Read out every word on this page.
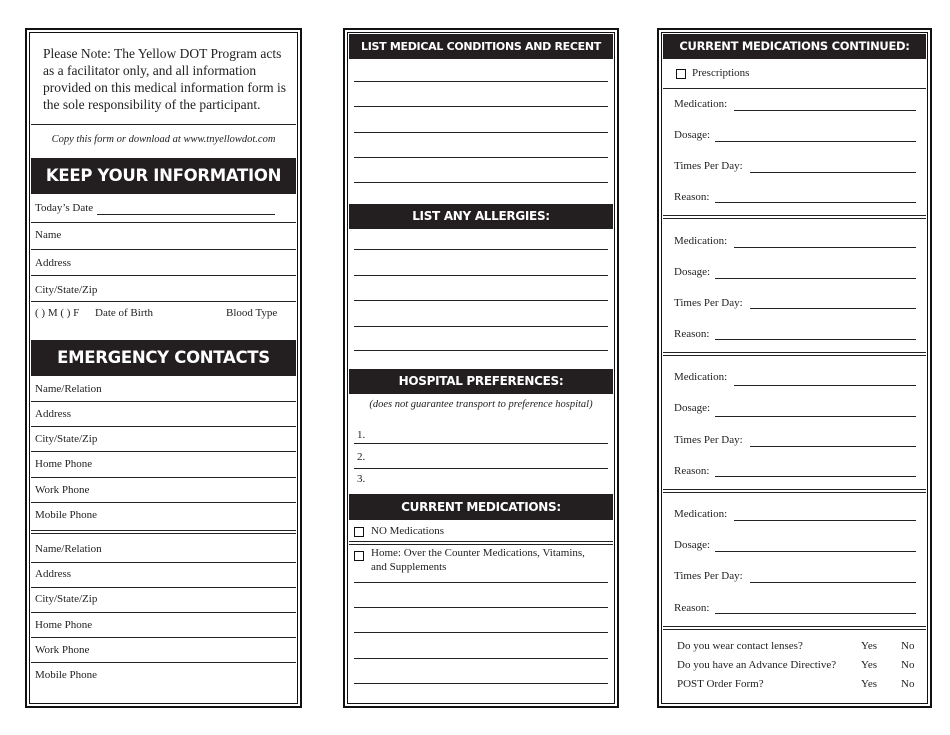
Please Note: The Yellow DOT Program acts as a facilitator only, and all information provided on this medical information form is the sole responsibility of the participant.
Copy this form or download at www.tnyellowdot.com
KEEP YOUR INFORMATION CURRENT
Today’s Date
Name
Address
City/State/Zip
( ) M ( ) F Date of Birth	Blood Type
EMERGENCY CONTACTS
Name/Relation
Address
City/State/Zip
Home Phone
Work Phone
Mobile Phone
Name/Relation
Address
City/State/Zip
Home Phone
Work Phone
Mobile Phone
LIST MEDICAL CONDITIONS AND RECENT SURGERIES:
LIST ANY ALLERGIES:
HOSPITAL PREFERENCES:
(does not guarantee transport to preference hospital)
1.
2.
3.
CURRENT MEDICATIONS:
NO Medications
Home: Over the Counter Medications, Vitamins,
and Supplements
CURRENT MEDICATIONS CONTINUED:
Prescriptions
Medication:
Dosage:
Times Per Day:
Reason:
Medication:
Dosage:
Times Per Day:
Reason:
Medication:
Dosage:
Times Per Day:
Reason:
Medication:
Dosage:
Times Per Day:
Reason:
Do you wear contact lenses?	Yes No
Do you have an Advance Directive? Yes No
POST Order Form?	Yes No
